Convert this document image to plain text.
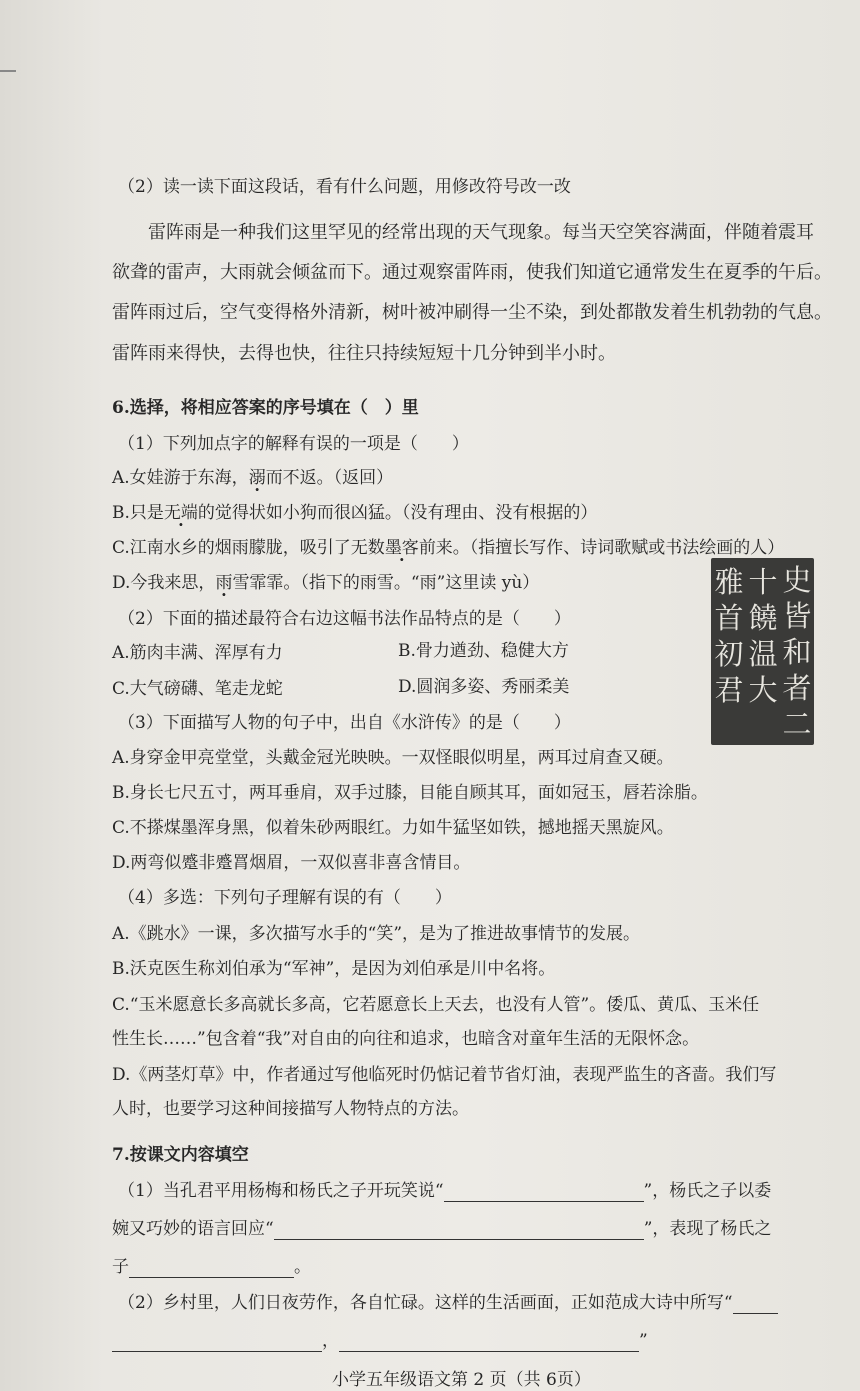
（2）读一读下面这段话，看有什么问题，用修改符号改一改
雷阵雨是一种我们这里罕见的经常出现的天气现象。每当天空笑容满面，伴随着震耳
欲聋的雷声，大雨就会倾盆而下。通过观察雷阵雨，使我们知道它通常发生在夏季的午后。
雷阵雨过后，空气变得格外清新，树叶被冲刷得一尘不染，到处都散发着生机勃勃的气息。
雷阵雨来得快，去得也快，往往只持续短短十几分钟到半小时。
6.选择，将相应答案的序号填在（　）里
（1）下列加点字的解释有误的一项是（　　）
A.女娃游于东海，溺而不返。（返回）
B.只是无端的觉得状如小狗而很凶猛。（没有理由、没有根据的）
C.江南水乡的烟雨朦胧，吸引了无数墨客前来。（指擅长写作、诗词歌赋或书法绘画的人）
D.今我来思，雨雪霏霏。（指下的雨雪。“雨”这里读 yù）
（2）下面的描述最符合右边这幅书法作品特点的是（　　）
A.筋肉丰满、浑厚有力	B.骨力遒劲、稳健大方
C.大气磅礴、笔走龙蛇	D.圆润多姿、秀丽柔美
史
皆
和
者
二
十
饒
温
大
雅
首
初
君
（3）下面描写人物的句子中，出自《水浒传》的是（　　）
A.身穿金甲亮堂堂，头戴金冠光映映。一双怪眼似明星，两耳过肩查又硬。
B.身长七尺五寸，两耳垂肩，双手过膝，目能自顾其耳，面如冠玉，唇若涂脂。
C.不搽煤墨浑身黑，似着朱砂两眼红。力如牛猛坚如铁，撼地摇天黑旋风。
D.两弯似蹙非蹙罥烟眉，一双似喜非喜含情目。
（4）多选：下列句子理解有误的有（　　）
A.《跳水》一课，多次描写水手的“笑”，是为了推进故事情节的发展。
B.沃克医生称刘伯承为“军神”，是因为刘伯承是川中名将。
C.“玉米愿意长多高就长多高，它若愿意长上天去，也没有人管”。倭瓜、黄瓜、玉米任
性生长……”包含着“我”对自由的向往和追求，也暗含对童年生活的无限怀念。
D.《两茎灯草》中，作者通过写他临死时仍惦记着节省灯油，表现严监生的吝啬。我们写
人时，也要学习这种间接描写人物特点的方法。
7.按课文内容填空
（1）当孔君平用杨梅和杨氏之子开玩笑说“	”，杨氏之子以委
婉又巧妙的语言回应“	”，表现了杨氏之
子	。
（2）乡村里，人们日夜劳作，各自忙碌。这样的生活画面，正如范成大诗中所写“
，	”
小学五年级语文第 2 页（共 6页）
